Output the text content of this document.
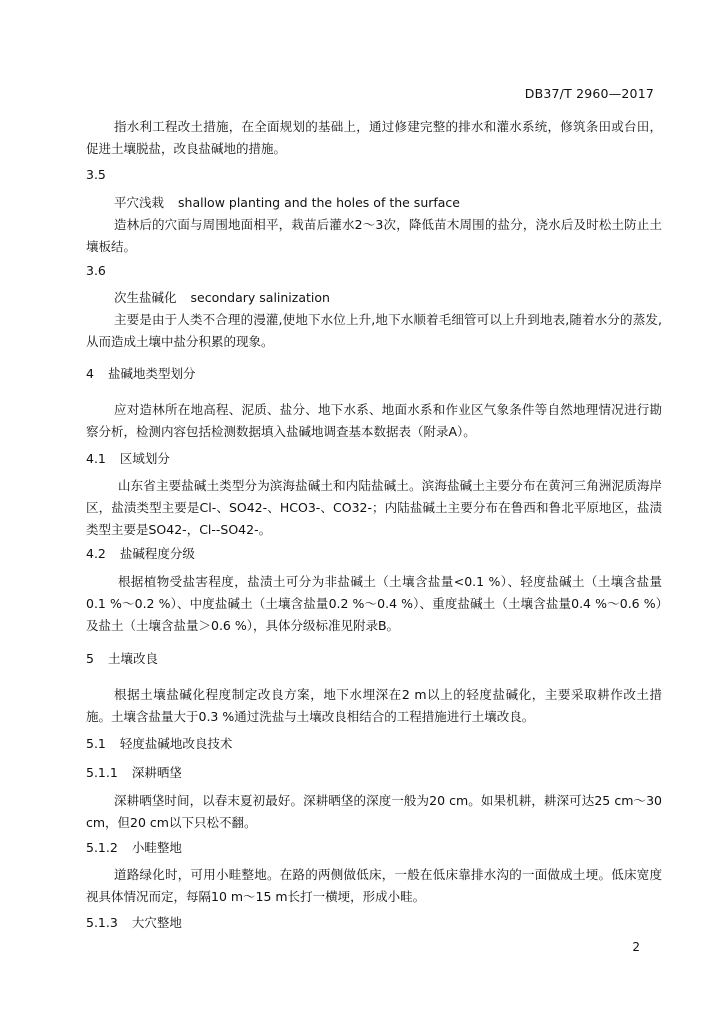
DB37/T 2960—2017

指水利工程改土措施，在全面规划的基础上，通过修建完整的排水和灌水系统，修筑条田或台田，促进土壤脱盐，改良盐碱地的措施。

3.5

平穴浅栽 shallow planting and the holes of the surface

造林后的穴面与周围地面相平，栽苗后灌水2～3次，降低苗木周围的盐分，浇水后及时松土防止土壤板结。

3.6

次生盐碱化 secondary salinization

主要是由于人类不合理的漫灌,使地下水位上升,地下水顺着毛细管可以上升到地表,随着水分的蒸发,从而造成土壤中盐分积累的现象。

4 盐碱地类型划分

应对造林所在地高程、泥质、盐分、地下水系、地面水系和作业区气象条件等自然地理情况进行勘察分析，检测内容包括检测数据填入盐碱地调查基本数据表（附录A）。

4.1 区域划分

山东省主要盐碱土类型分为滨海盐碱土和内陆盐碱土。滨海盐碱土主要分布在黄河三角洲泥质海岸区，盐渍类型主要是Cl-、SO42-、HCO3-、CO32-；内陆盐碱土主要分布在鲁西和鲁北平原地区，盐渍类型主要是SO42-，Cl--SO42-。

4.2 盐碱程度分级

根据植物受盐害程度，盐渍土可分为非盐碱土（土壤含盐量<0.1 %）、轻度盐碱土（土壤含盐量0.1 %～0.2 %）、中度盐碱土（土壤含盐量0.2 %～0.4 %）、重度盐碱土（土壤含盐量0.4 %～0.6 %）及盐土（土壤含盐量＞0.6 %），具体分级标准见附录B。

5 土壤改良

根据土壤盐碱化程度制定改良方案，地下水埋深在2 m以上的轻度盐碱化，主要采取耕作改土措施。土壤含盐量大于0.3 %通过洗盐与土壤改良相结合的工程措施进行土壤改良。

5.1 轻度盐碱地改良技术

5.1.1 深耕晒垡

深耕晒垡时间，以春末夏初最好。深耕晒垡的深度一般为20 cm。如果机耕，耕深可达25 cm～30 cm，但20 cm以下只松不翻。

5.1.2 小畦整地

道路绿化时，可用小畦整地。在路的两侧做低床，一般在低床靠排水沟的一面做成土埂。低床宽度视具体情况而定，每隔10 m～15 m长打一横埂，形成小畦。

5.1.3 大穴整地

2
